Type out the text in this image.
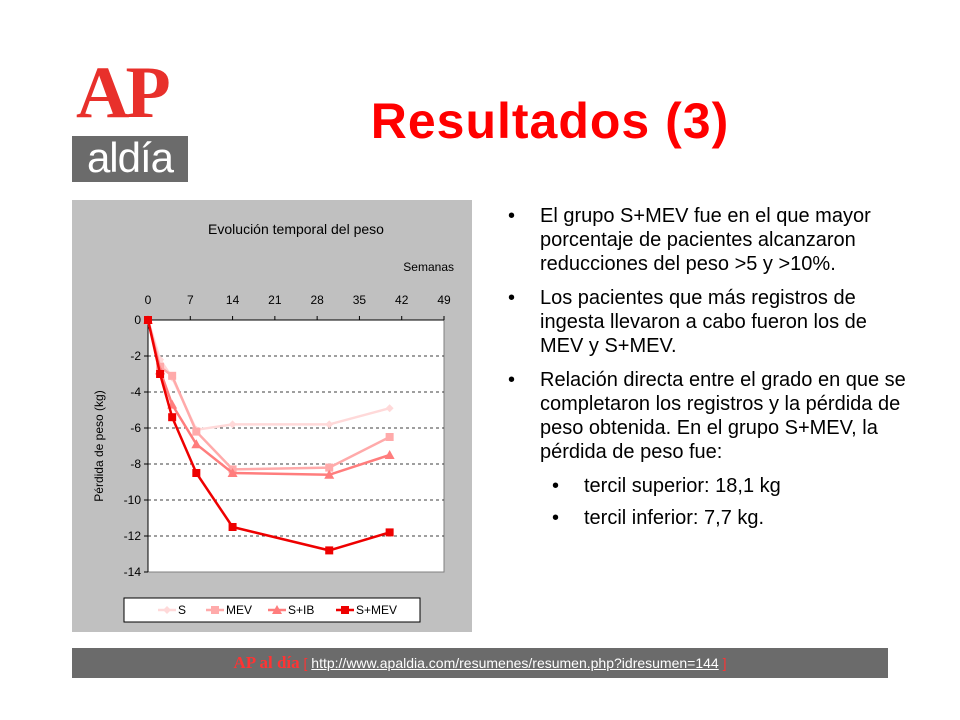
AP
aldía
Resultados (3)
0
-2
-4
-6
-8
-10
-12
-14
0	7	14 21 28 35 42 49
Evolución temporal del peso
Semanas
Pérdida de peso (kg)
S	MEV	S+IB	S+MEV
• El grupo S+MEV fue en el que mayor porcentaje de pacientes alcanzaron reducciones del peso >5 y >10%.
• Los pacientes que más registros de ingesta llevaron a cabo fueron los de MEV y S+MEV.
• Relación directa entre el grado en que se completaron los registros y la pérdida de peso obtenida. En el grupo S+MEV, la pérdida de peso fue:
• tercil superior: 18,1 kg
• tercil inferior: 7,7 kg.
AP al día [ http://www.apaldia.com/resumenes/resumen.php?idresumen=144 ]
